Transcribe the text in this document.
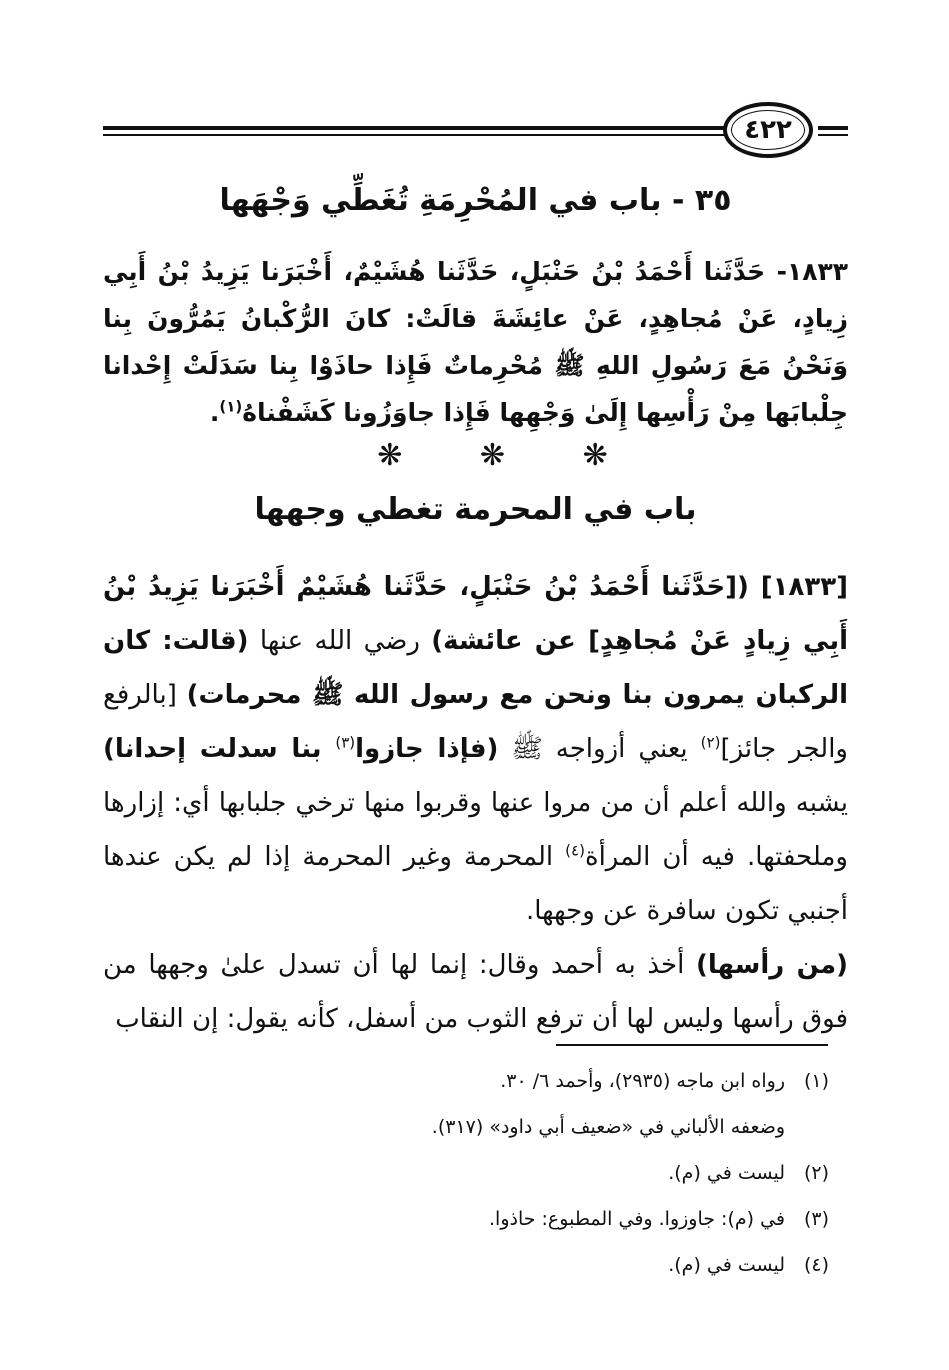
٤٢٢
٣٥ - باب في المُحْرِمَةِ تُغَطِّي وَجْهَها
١٨٣٣- حَدَّثَنا أَحْمَدُ بْنُ حَنْبَلٍ، حَدَّثَنا هُشَيْمٌ، أَخْبَرَنا يَزِيدُ بْنُ أَبِي زِيادٍ، عَنْ مُجاهِدٍ، عَنْ عائِشَةَ قالَتْ: كانَ الرُّكْبانُ يَمُرُّونَ بِنا وَنَحْنُ مَعَ رَسُولِ اللهِ ﷺ مُحْرِماتٌ فَإِذا حاذَوْا بِنا سَدَلَتْ إِحْدانا جِلْبابَها مِنْ رَأْسِها إِلَىٰ وَجْهِها فَإِذا جاوَزُونا كَشَفْناهُ$^{(١)}$.
❋ ❋ ❋
باب في المحرمة تغطي وجهها

[١٨٣٣] ([حَدَّثَنا أَحْمَدُ بْنُ حَنْبَلٍ، حَدَّثَنا هُشَيْمٌ أَخْبَرَنا يَزِيدُ بْنُ أَبِي زِيادٍ عَنْ مُجاهِدٍ] عن عائشة) رضي الله عنها (قالت: كان الركبان يمرون بنا ونحن مع رسول الله ﷺ محرمات) [بالرفع والجر جائز]$^{(٢)}$ يعني أزواجه ﷺ (فإذا جازوا$^{(٣)}$ بنا سدلت إحدانا) يشبه والله أعلم أن من مروا عنها وقربوا منها ترخي جلبابها أي: إزارها وملحفتها. فيه أن المرأة$^{(٤)}$ المحرمة وغير المحرمة إذا لم يكن عندها أجنبي تكون سافرة عن وجهها.

(من رأسها) أخذ به أحمد وقال: إنما لها أن تسدل علىٰ وجهها من فوق رأسها وليس لها أن ترفع الثوب من أسفل، كأنه يقول: إن النقاب

(١)رواه ابن ماجه (٢٩٣٥)، وأحمد ٦/ ٣٠.
وضعفه الألباني في «ضعيف أبي داود» (٣١٧).
(٢)ليست في (م).
(٣)في (م): جاوزوا. وفي المطبوع: حاذوا.
(٤)ليست في (م).
